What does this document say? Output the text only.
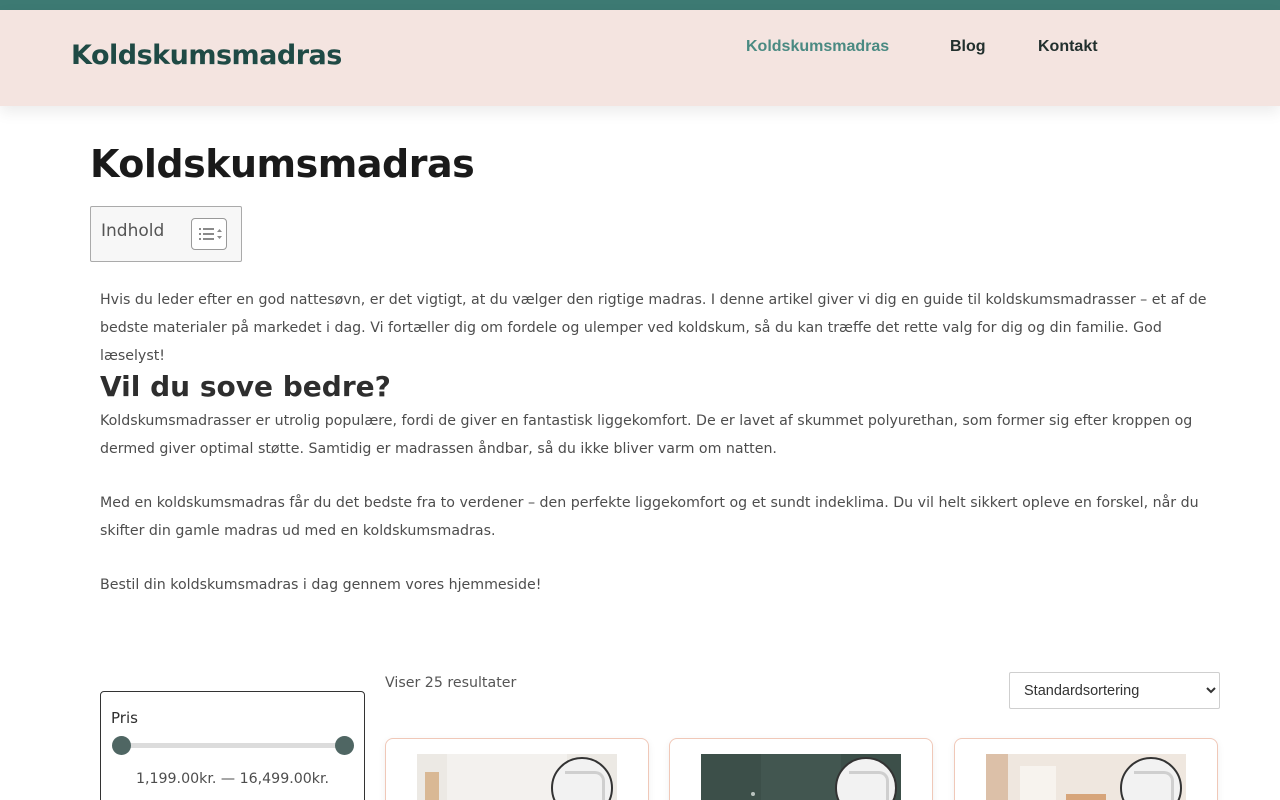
Koldskumsmadras	Koldskumsmadras	Blog	Kontakt
Koldskumsmadras
Indhold

Hvis du leder efter en god nattesøvn, er det vigtigt, at du vælger den rigtige madras. I denne artikel giver vi dig en guide til koldskumsmadrasser – et af de bedste materialer på markedet i dag. Vi fortæller dig om fordele og ulemper ved koldskum, så du kan træffe det rette valg for dig og din familie. God læselyst!

Vil du sove bedre?

Koldskumsmadrasser er utrolig populære, fordi de giver en fantastisk liggekomfort. De er lavet af skummet polyurethan, som former sig efter kroppen og dermed giver optimal støtte. Samtidig er madrassen åndbar, så du ikke bliver varm om natten.

Med en koldskumsmadras får du det bedste fra to verdener – den perfekte liggekomfort og et sundt indeklima. Du vil helt sikkert opleve en forskel, når du skifter din gamle madras ud med en koldskumsmadras.

Bestil din koldskumsmadras i dag gennem vores hjemmeside!

Pris
1,199.00kr. — 16,499.00kr.
Viser 25 resultater
Standardsortering
